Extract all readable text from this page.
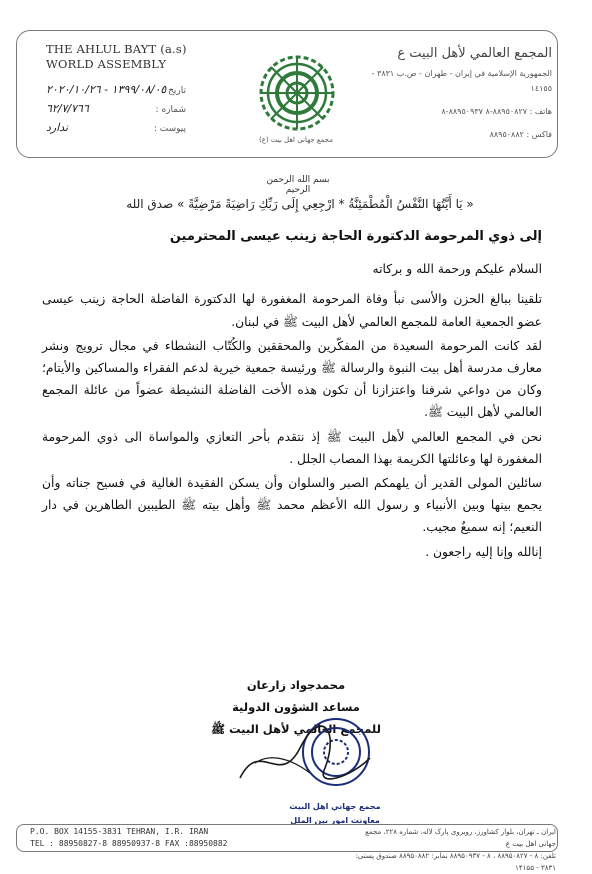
THE AHLUL BAYT (a.s)
WORLD ASSEMBLY
المجمع العالمي لأهل البيت ع
الجمهورية الإسلامية في إيران - طهران - ص.ب ٣٨٣١ - ١٤١٥٥
هاتف : ٨٨٩٥٠٨٢٧-٨ ٨٨٩٥٠٩٣٧-٨
فاكس : ٨٨٩٥٠٨٨٢
تاريخ :
١٣٩٩/٠٨/٠٥ - ٢٠٢٠/١٠/٢٦
شماره :
٦٢/٧/٧٦٦
پیوست :
ندارد
مجمع جهانی اهل بیت (ع)
بسم الله الرحمن الرحيم
« يَا أَيَّتُهَا النَّفْسُ الْمُطْمَئِنَّةُ * ارْجِعِي إِلَى رَبِّكِ رَاضِيَةً مَرْضِيَّةً » صدق الله

إلى ذوي المرحومة الدكتورة الحاجة زينب عيسى المحترمين

السلام عليكم ورحمة الله و بركاته

تلقينا ببالغ الحزن والأسى نبأ وفاة المرحومة المغفورة لها الدكتورة الفاضلة الحاجة زينب عيسى عضو الجمعية العامة للمجمع العالمي لأهل البيت ﷺ في لبنان.

لقد كانت المرحومة السعيدة من المفكّرين والمحققين والكُتّاب النشطاء في مجال ترويج ونشر معارف مدرسة أهل بيت النبوة والرسالة ﷺ ورئيسة جمعية خيرية لدعم الفقراء والمساكين والأيتام؛ وكان من دواعي شرفنا واعتزازنا أن تكون هذه الأخت الفاضلة النشيطة عضواً من عائلة المجمع العالمي لأهل البيت ﷺ.

نحن في المجمع العالمي لأهل البيت ﷺ إذ نتقدم بأحر التعازي والمواساة الى ذوي المرحومة المغفورة لها وعائلتها الكريمة بهذا المصاب الجلل .

سائلين المولى القدير أن يلهمكم الصبر والسلوان وأن يسكن الفقيدة الغالية في فسيح جناته وأن يجمع بينها وبين الأنبياء و رسول الله الأعظم محمد ﷺ وأهل بيته ﷺ الطيبين الطاهرين في دار النعيم؛ إنه سميعٌ مجيب.

إنالله وإنا إليه راجعون .

محمدجواد زارعان
مساعد الشؤون الدولية
للمجمع العالمي لأهل البيت ﷺ
مجمع جهاني اهل البيت
معاونت امور بين الملل
P.O. BOX 14155-3831 TEHRAN, I.R. IRAN
TEL : 88950827-8 88950937-8 FAX :88950882
ایران ـ تهران، بلوار کشاورز، روبروی پارک لاله، شماره ۲۲۸، مجمع جهانی اهل بیت ع
تلفن: ۸ - ۸۸۹۵۰۸۲۷ ، ۸ - ۸۸۹۵۰۹۳۷ نمابر: ۸۸۹۵۰۸۸۲ صندوق پستی: ۳۸۳۱ - ۱۴۱۵۵
